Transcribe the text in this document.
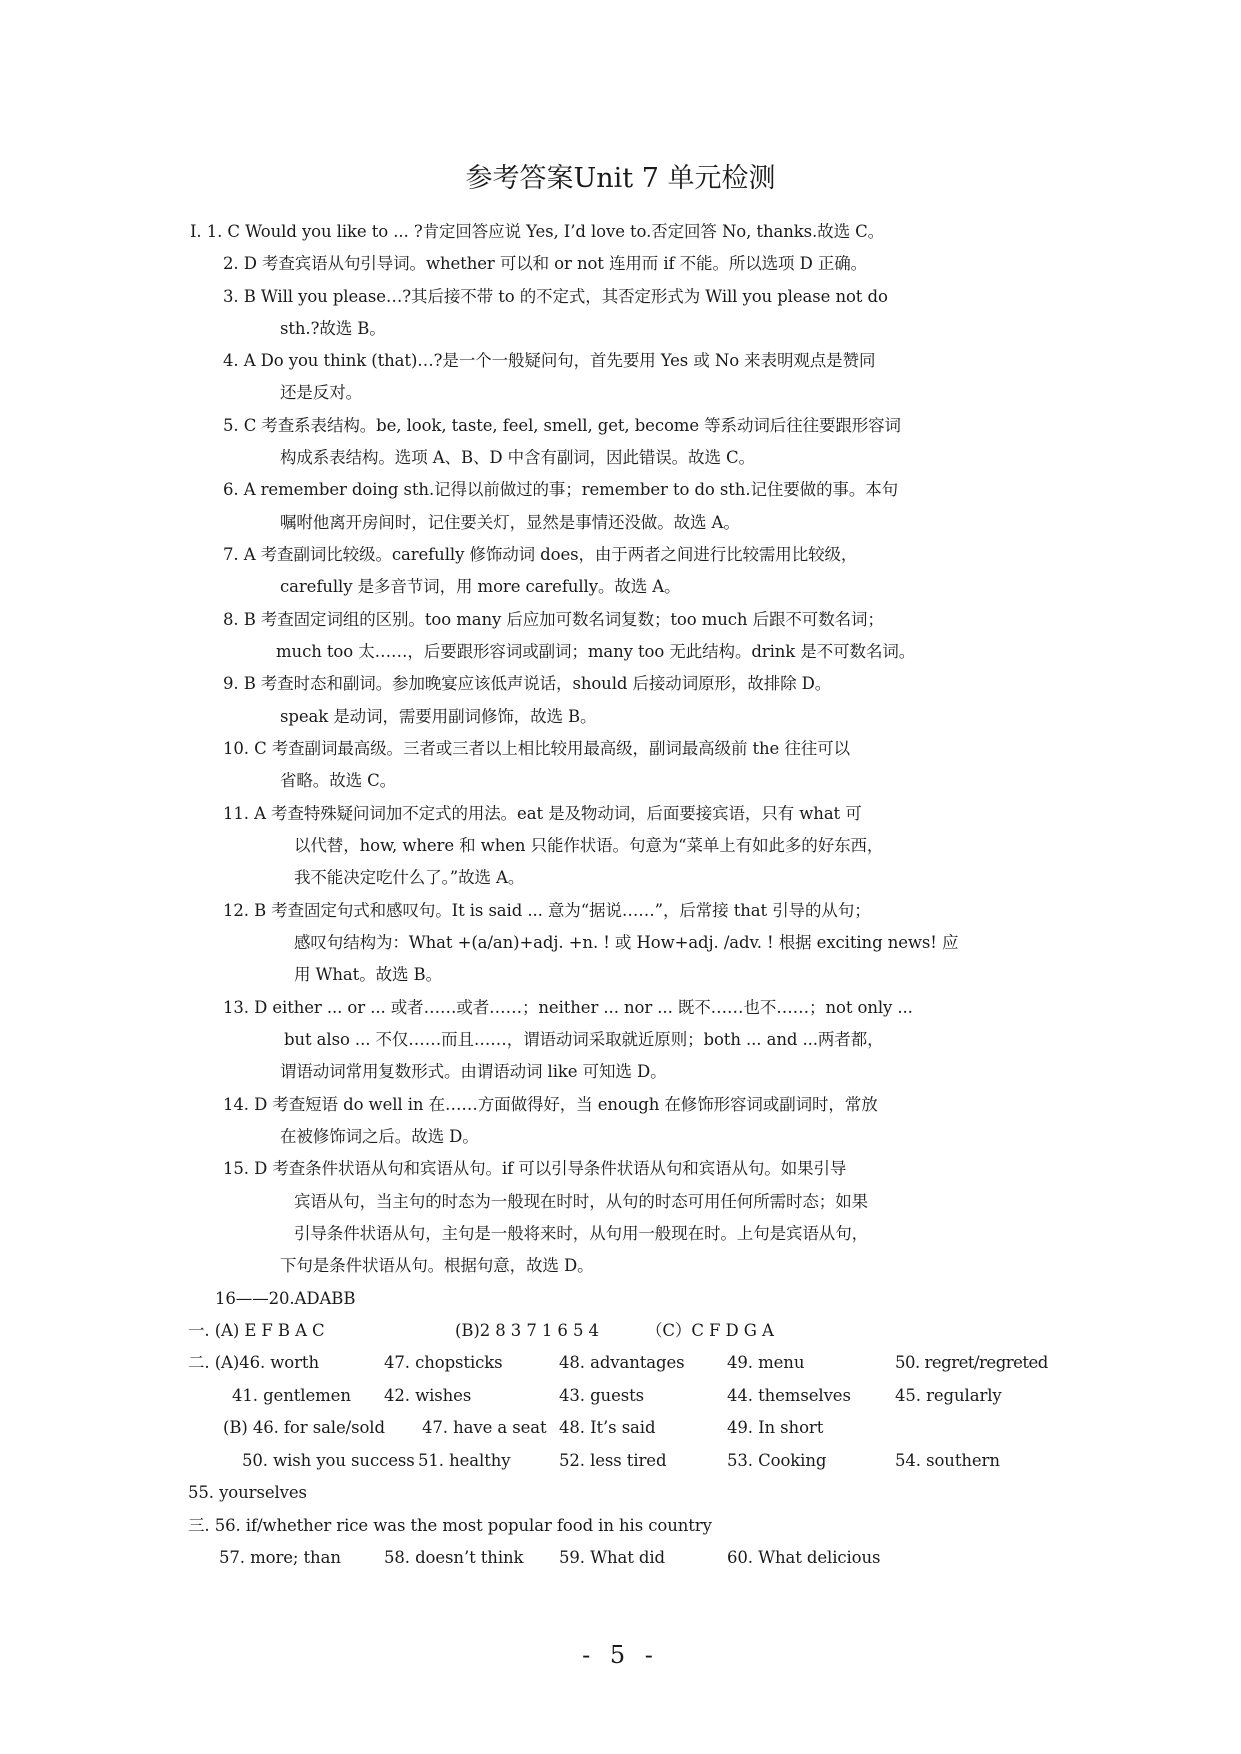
参考答案Unit 7 单元检测
Ⅰ. 1. C Would you like to ... ?肯定回答应说 Yes, I’d love to.否定回答 No, thanks.故选 C。
2. D 考查宾语从句引导词。whether 可以和 or not 连用而 if 不能。所以选项 D 正确。
3. B Will you please…?其后接不带 to 的不定式，其否定形式为 Will you please not do
sth.?故选 B。
4. A Do you think (that)…?是一个一般疑问句，首先要用 Yes 或 No 来表明观点是赞同
还是反对。
5. C 考查系表结构。be, look, taste, feel, smell, get, become 等系动词后往往要跟形容词
构成系表结构。选项 A、B、D 中含有副词，因此错误。故选 C。
6. A remember doing sth.记得以前做过的事；remember to do sth.记住要做的事。本句
嘱咐他离开房间时，记住要关灯，显然是事情还没做。故选 A。
7. A 考查副词比较级。carefully 修饰动词 does，由于两者之间进行比较需用比较级，
carefully 是多音节词，用 more carefully。故选 A。
8. B 考查固定词组的区别。too many 后应加可数名词复数；too much 后跟不可数名词；
much too 太……，后要跟形容词或副词；many too 无此结构。drink 是不可数名词。
9. B 考查时态和副词。参加晚宴应该低声说话，should 后接动词原形，故排除 D。
speak 是动词，需要用副词修饰，故选 B。
10. C 考查副词最高级。三者或三者以上相比较用最高级，副词最高级前 the 往往可以
省略。故选 C。
11. A 考查特殊疑问词加不定式的用法。eat 是及物动词，后面要接宾语，只有 what 可
以代替，how, where 和 when 只能作状语。句意为“菜单上有如此多的好东西，
我不能决定吃什么了。”故选 A。
12. B 考查固定句式和感叹句。It is said ... 意为“据说……”，后常接 that 引导的从句；
感叹句结构为：What +(a/an)+adj. +n. ! 或 How+adj. /adv. ! 根据 exciting news! 应
用 What。故选 B。
13. D either ... or ... 或者……或者……；neither ... nor ... 既不……也不……；not only ...
but also ... 不仅……而且……，谓语动词采取就近原则；both ... and ...两者都，
谓语动词常用复数形式。由谓语动词 like 可知选 D。
14. D 考查短语 do well in 在……方面做得好，当 enough 在修饰形容词或副词时，常放
在被修饰词之后。故选 D。
15. D 考查条件状语从句和宾语从句。if 可以引导条件状语从句和宾语从句。如果引导
宾语从句，当主句的时态为一般现在时时，从句的时态可用任何所需时态；如果
引导条件状语从句，主句是一般将来时，从句用一般现在时。上句是宾语从句，
下句是条件状语从句。根据句意，故选 D。
16——20.ADABB
一. (A) E F B A C	(B)2 8 3 7 1 6 5 4	（C）C F D G A
二. (A)46. worth	47. chopsticks	48. advantages	49. menu	50. regret/regreted
41. gentlemen 42. wishes	43. guests	44. themselves	45. regularly
(B) 46. for sale/sold 47. have a seat 48. It’s said	49. In short
50. wish you success 51. healthy	52. less tired	53. Cooking	54. southern
55. yourselves
三. 56. if/whether rice was the most popular food in his country
57. more; than	58. doesn’t think 59. What did	60. What delicious
- 5 -
